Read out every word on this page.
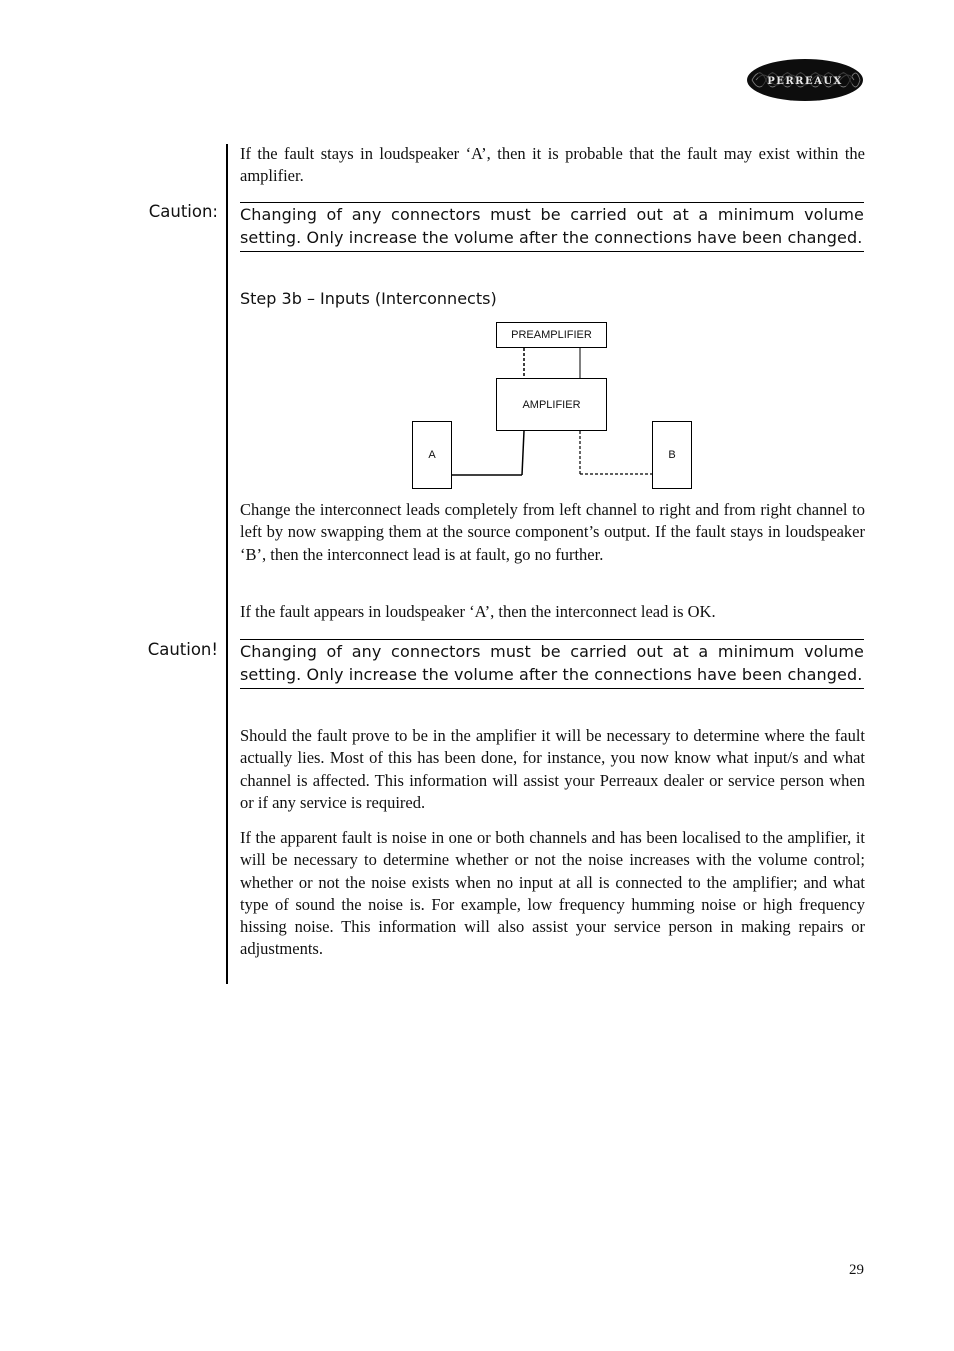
PERREAUX

If the fault stays in loudspeaker ‘A’, then it is probable that the fault may exist within the amplifier.

Caution: Changing of any connectors must be carried out at a minimum volume setting. Only increase the volume after the connections have been changed.

Step 3b – Inputs (Interconnects)
PREAMPLIFIER
AMPLIFIER
A	B

Change the interconnect leads completely from left channel to right and from right channel to left by now swapping them at the source component’s output. If the fault stays in loudspeaker ‘B’, then the interconnect lead is at fault, go no further.

If the fault appears in loudspeaker ‘A’, then the interconnect lead is OK.

Caution! Changing of any connectors must be carried out at a minimum volume setting. Only increase the volume after the connections have been changed.

Should the fault prove to be in the amplifier it will be necessary to determine where the fault actually lies. Most of this has been done, for instance, you now know what input/s and what channel is affected. This information will assist your Perreaux dealer or service person when or if any service is required.

If the apparent fault is noise in one or both channels and has been localised to the amplifier, it will be necessary to determine whether or not the noise increases with the volume control; whether or not the noise exists when no input at all is connected to the amplifier; and what type of sound the noise is. For example, low frequency humming noise or high frequency hissing noise. This information will also assist your service person in making repairs or adjustments.

29
